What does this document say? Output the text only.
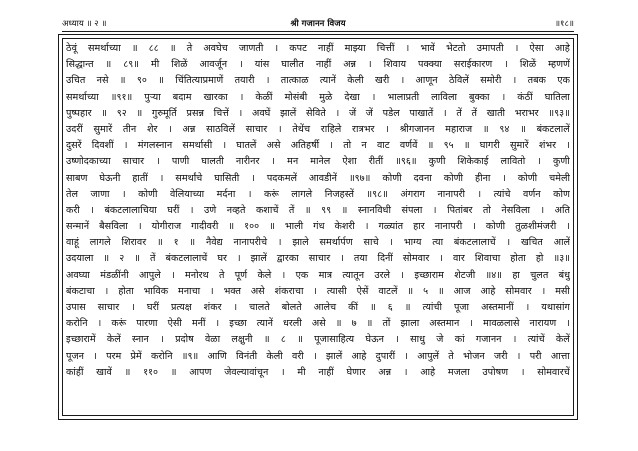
अध्याय ॥ २ ॥	श्री गजानन विजय	॥१८॥
ठेवूं समर्थाच्या ॥ ८८ ॥ ते अवघेच जाणती । कपट नाहीं माझ्या चित्तीं । भावें भेटतो उमापती । ऐसा आहे
सिद्धान्त ॥ ८९॥ मी शिळें आवर्जून । यांस घालीत नाहीं अन्न । शिवाय पक्क्या सराईकारण । शिळें म्हणणें
उचित नसे ॥ ९० ॥ चिंतित्याप्रमाणें तयारी । तात्काळ त्यानें केली खरी । आणून ठेविलें समोरी । तबक एक
समर्थाच्या ॥९१॥ पुऱ्या बदाम खारका । केळीं मोसंबी मुळे देखा । भालाप्रती लाविला बुक्का । कंठीं घातिला
पुष्पहार ॥ ९२ ॥ गुरुमूर्ति प्रसन्न चित्तें । अवघें झालें सेविते । जें जें पडेल पाखातें । तें तें खाती भराभर ॥९३॥
उदरीं सुमारें तीन शेर । अन्न साठविलें साचार । तेथेंच राहिले रात्रभर । श्रीगजानन महाराज ॥ ९४ ॥ बंकटलालें
दुसरें दिवशीं । मंगलस्नान समर्थासी । घातलें असे अतिहर्षी । तो न वाट वर्णवें ॥ ९५ ॥ घागरी सुमारें शंभर ।
उष्णोदकाच्या साचार । पाणी घालती नारीनर । मन मानेल ऐशा रीतीं ॥९६॥ कुणी शिकेकाई लावितो । कुणी
साबण घेऊनी हातीं । समर्थांचे घासिती । पदकमलें आवडीनें ॥९७॥ कोणी दवना कोणी हीना । कोणी चमेली
तेल जाणा । कोणी वेलियाच्या मर्दना । करूं लागले निजहस्तें ॥९८॥ अंगराग नानापरी । त्यांचे वर्णन कोण
करी । बंकटलालाचिया घरीं । उणे नव्हते कशाचें तें ॥ ९९ ॥ स्नानविधी संपला । पितांबर तो नेसविला । अति
सन्मानें बैसविला । योगीराज गादीवरी ॥ १०० ॥ भाली गंध केशरी । गळ्यांत हार नानापरी । कोणी तुळशीमंजरी ।
वाहूं लागले शिरावर ॥ १ ॥ नैवेद्य नानापरीचे । झाले समर्थार्पण साचे । भाग्य त्या बंकटलालाचें । खचित आलें
उदयाला ॥ २ ॥ तें बंकटलालाचें घर । झालें द्वारका साचार । तया दिनीं सोमवार । वार शिवाचा होता हो ॥३॥
अवघ्या मंडळींनी आपुले । मनोरथ ते पूर्ण केले । एक मात्र त्यातून उरले । इच्छाराम शेटजी ॥४॥ हा चुलत बंधु
बंकटाचा । होता भाविक मनाचा । भक्त असे शंकराचा । त्यासी ऐसें वाटलें ॥ ५ ॥ आज आहे सोमवार । मसी
उपास साचार । घरीं प्रत्यक्ष शंकर । चालते बोलते आलेच कीं ॥ ६ ॥ त्यांची पूजा अस्तमानीं । यथासांग
करोनि । करूं पारणा ऐसी मनीं । इच्छा त्यानें धरली असे ॥ ७ ॥ तों झाला अस्तमान । मावळलासे नारायण ।
इच्छारामें केलें स्नान । प्रदोष वेळा लक्षुनी ॥ ८ ॥ पूजासाहित्य घेऊन । साधु जे कां गजानन । त्यांचें केलें
पूजन । परम प्रेमें करोनि ॥९॥ आणि विनंती केली वरी । झालें आहे दुपारीं । आपुलें ते भोजन जरी । परी आत्ता
कांहीं खावें ॥ ११० ॥ आपण जेवल्यावांचून । मी नाहीं घेणार अन्न । आहे मजला उपोषण । सोमवारचें
